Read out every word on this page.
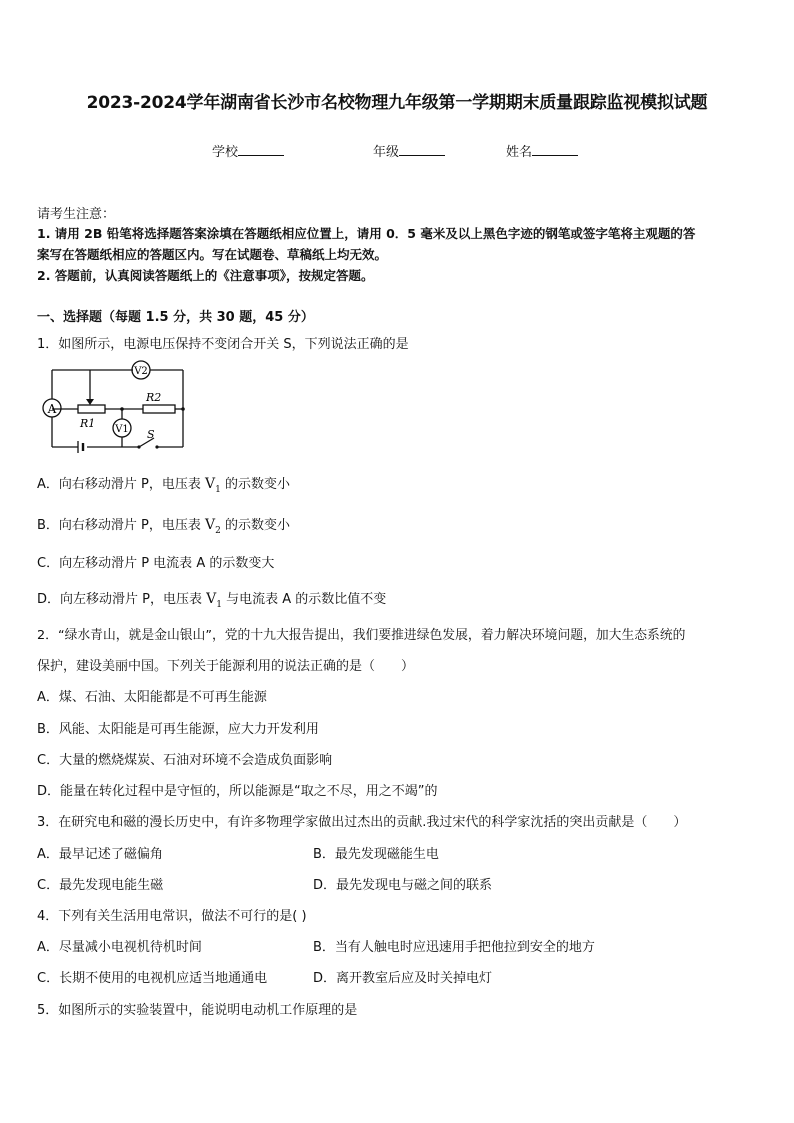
2023-2024学年湖南省长沙市名校物理九年级第一学期期末质量跟踪监视模拟试题
学校	年级	姓名
请考生注意：
1. 请用 2B 铅笔将选择题答案涂填在答题纸相应位置上，请用 0．5 毫米及以上黑色字迹的钢笔或签字笔将主观题的答
案写在答题纸相应的答题区内。写在试题卷、草稿纸上均无效。
2. 答题前，认真阅读答题纸上的《注意事项》，按规定答题。
一、选择题（每题 1.5 分，共 30 题，45 分）
1．如图所示，电源电压保持不变闭合开关 S，下列说法正确的是
A
V2
V1
R1
R2
S
A．向右移动滑片 P，电压表 $V_1$ 的示数变小
B．向右移动滑片 P，电压表 $V_2$ 的示数变小
C．向左移动滑片 P 电流表 A 的示数变大
D．向左移动滑片 P，电压表 $V_1$ 与电流表 A 的示数比值不变
2．“绿水青山，就是金山银山”，党的十九大报告提出，我们要推进绿色发展，着力解决环境问题，加大生态系统的
保护，建设美丽中国。下列关于能源利用的说法正确的是（　　）
A．煤、石油、太阳能都是不可再生能源
B．风能、太阳能是可再生能源，应大力开发利用
C．大量的燃烧煤炭、石油对环境不会造成负面影响
D．能量在转化过程中是守恒的，所以能源是“取之不尽，用之不竭”的
3．在研究电和磁的漫长历史中，有许多物理学家做出过杰出的贡献.我过宋代的科学家沈括的突出贡献是（　　）
A．最早记述了磁偏角	B．最先发现磁能生电
C．最先发现电能生磁	D．最先发现电与磁之间的联系
4．下列有关生活用电常识，做法不可行的是( )
A．尽量减小电视机待机时间	B．当有人触电时应迅速用手把他拉到安全的地方
C．长期不使用的电视机应适当地通通电	D．离开教室后应及时关掉电灯
5．如图所示的实验装置中，能说明电动机工作原理的是
